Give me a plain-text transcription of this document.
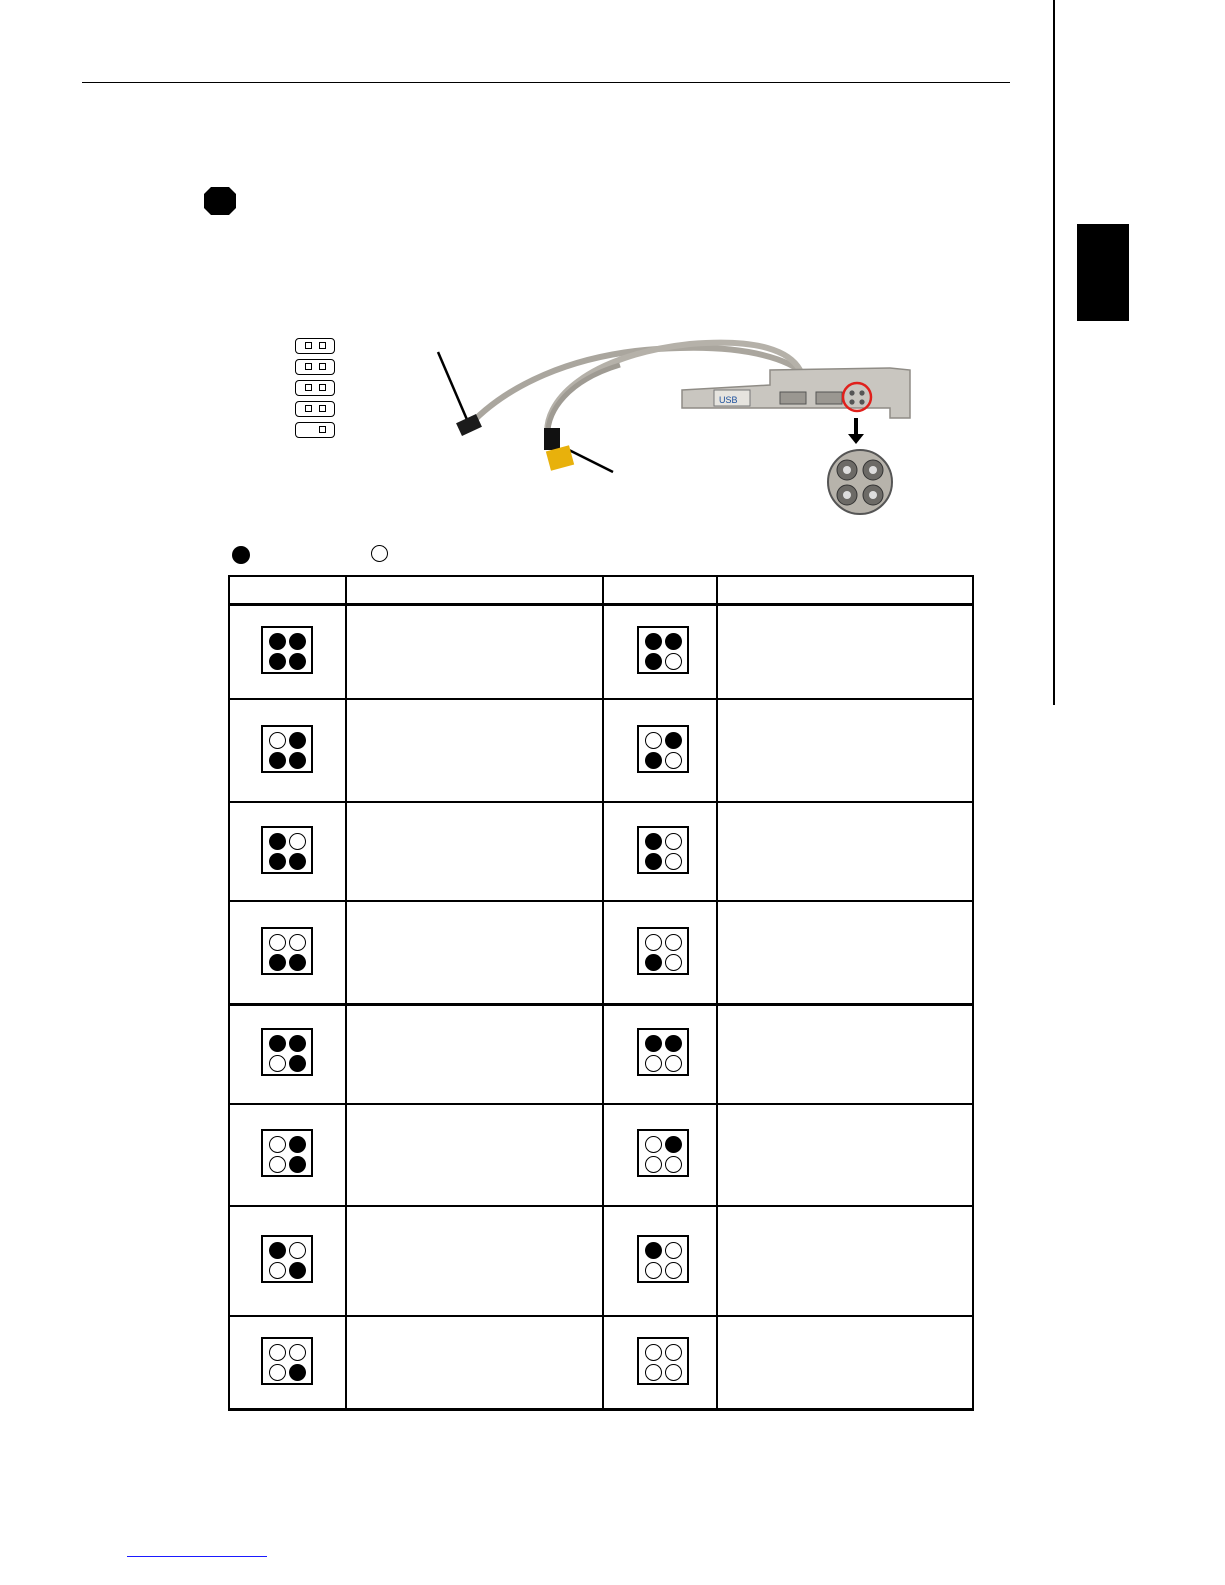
USB
